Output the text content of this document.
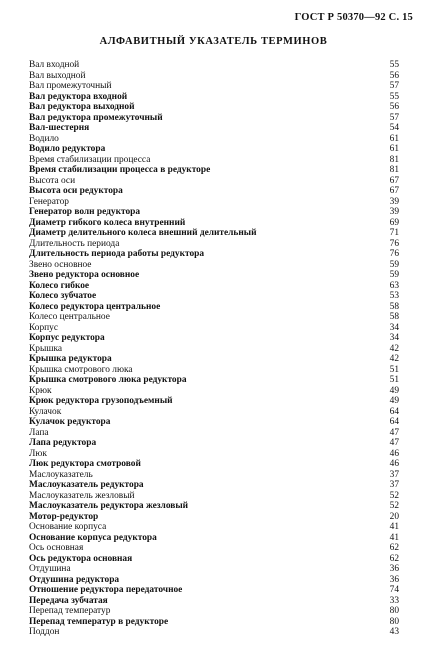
ГОСТ Р 50370—92 С. 15
АЛФАВИТНЫЙ УКАЗАТЕЛЬ ТЕРМИНОВ
Вал входной	55
Вал выходной	56
Вал промежуточный	57
Вал редуктора входной	55
Вал редуктора выходной	56
Вал редуктора промежуточный	57
Вал-шестерня	54
Водило	61
Водило редуктора	61
Время стабилизации процесса	81
Время стабилизации процесса в редукторе	81
Высота оси	67
Высота оси редуктора	67
Генератор	39
Генератор волн редуктора	39
Диаметр гибкого колеса внутренний	69
Диаметр делительного колеса внешний делительный	71
Длительность периода	76
Длительность периода работы редуктора	76
Звено основное	59
Звено редуктора основное	59
Колесо гибкое	63
Колесо зубчатое	53
Колесо редуктора центральное	58
Колесо центральное	58
Корпус	34
Корпус редуктора	34
Крышка	42
Крышка редуктора	42
Крышка смотрового люка	51
Крышка смотрового люка редуктора	51
Крюк	49
Крюк редуктора грузоподъемный	49
Кулачок	64
Кулачок редуктора	64
Лапа	47
Лапа редуктора	47
Люк	46
Люк редуктора смотровой	46
Маслоуказатель	37
Маслоуказатель редуктора	37
Маслоуказатель жезловый	52
Маслоуказатель редуктора жезловый	52
Мотор-редуктор	20
Основание корпуса	41
Основание корпуса редуктора	41
Ось основная	62
Ось редуктора основная	62
Отдушина	36
Отдушина редуктора	36
Отношение редуктора передаточное	74
Передача зубчатая	33
Перепад температур	80
Перепад температур в редукторе	80
Поддон	43
